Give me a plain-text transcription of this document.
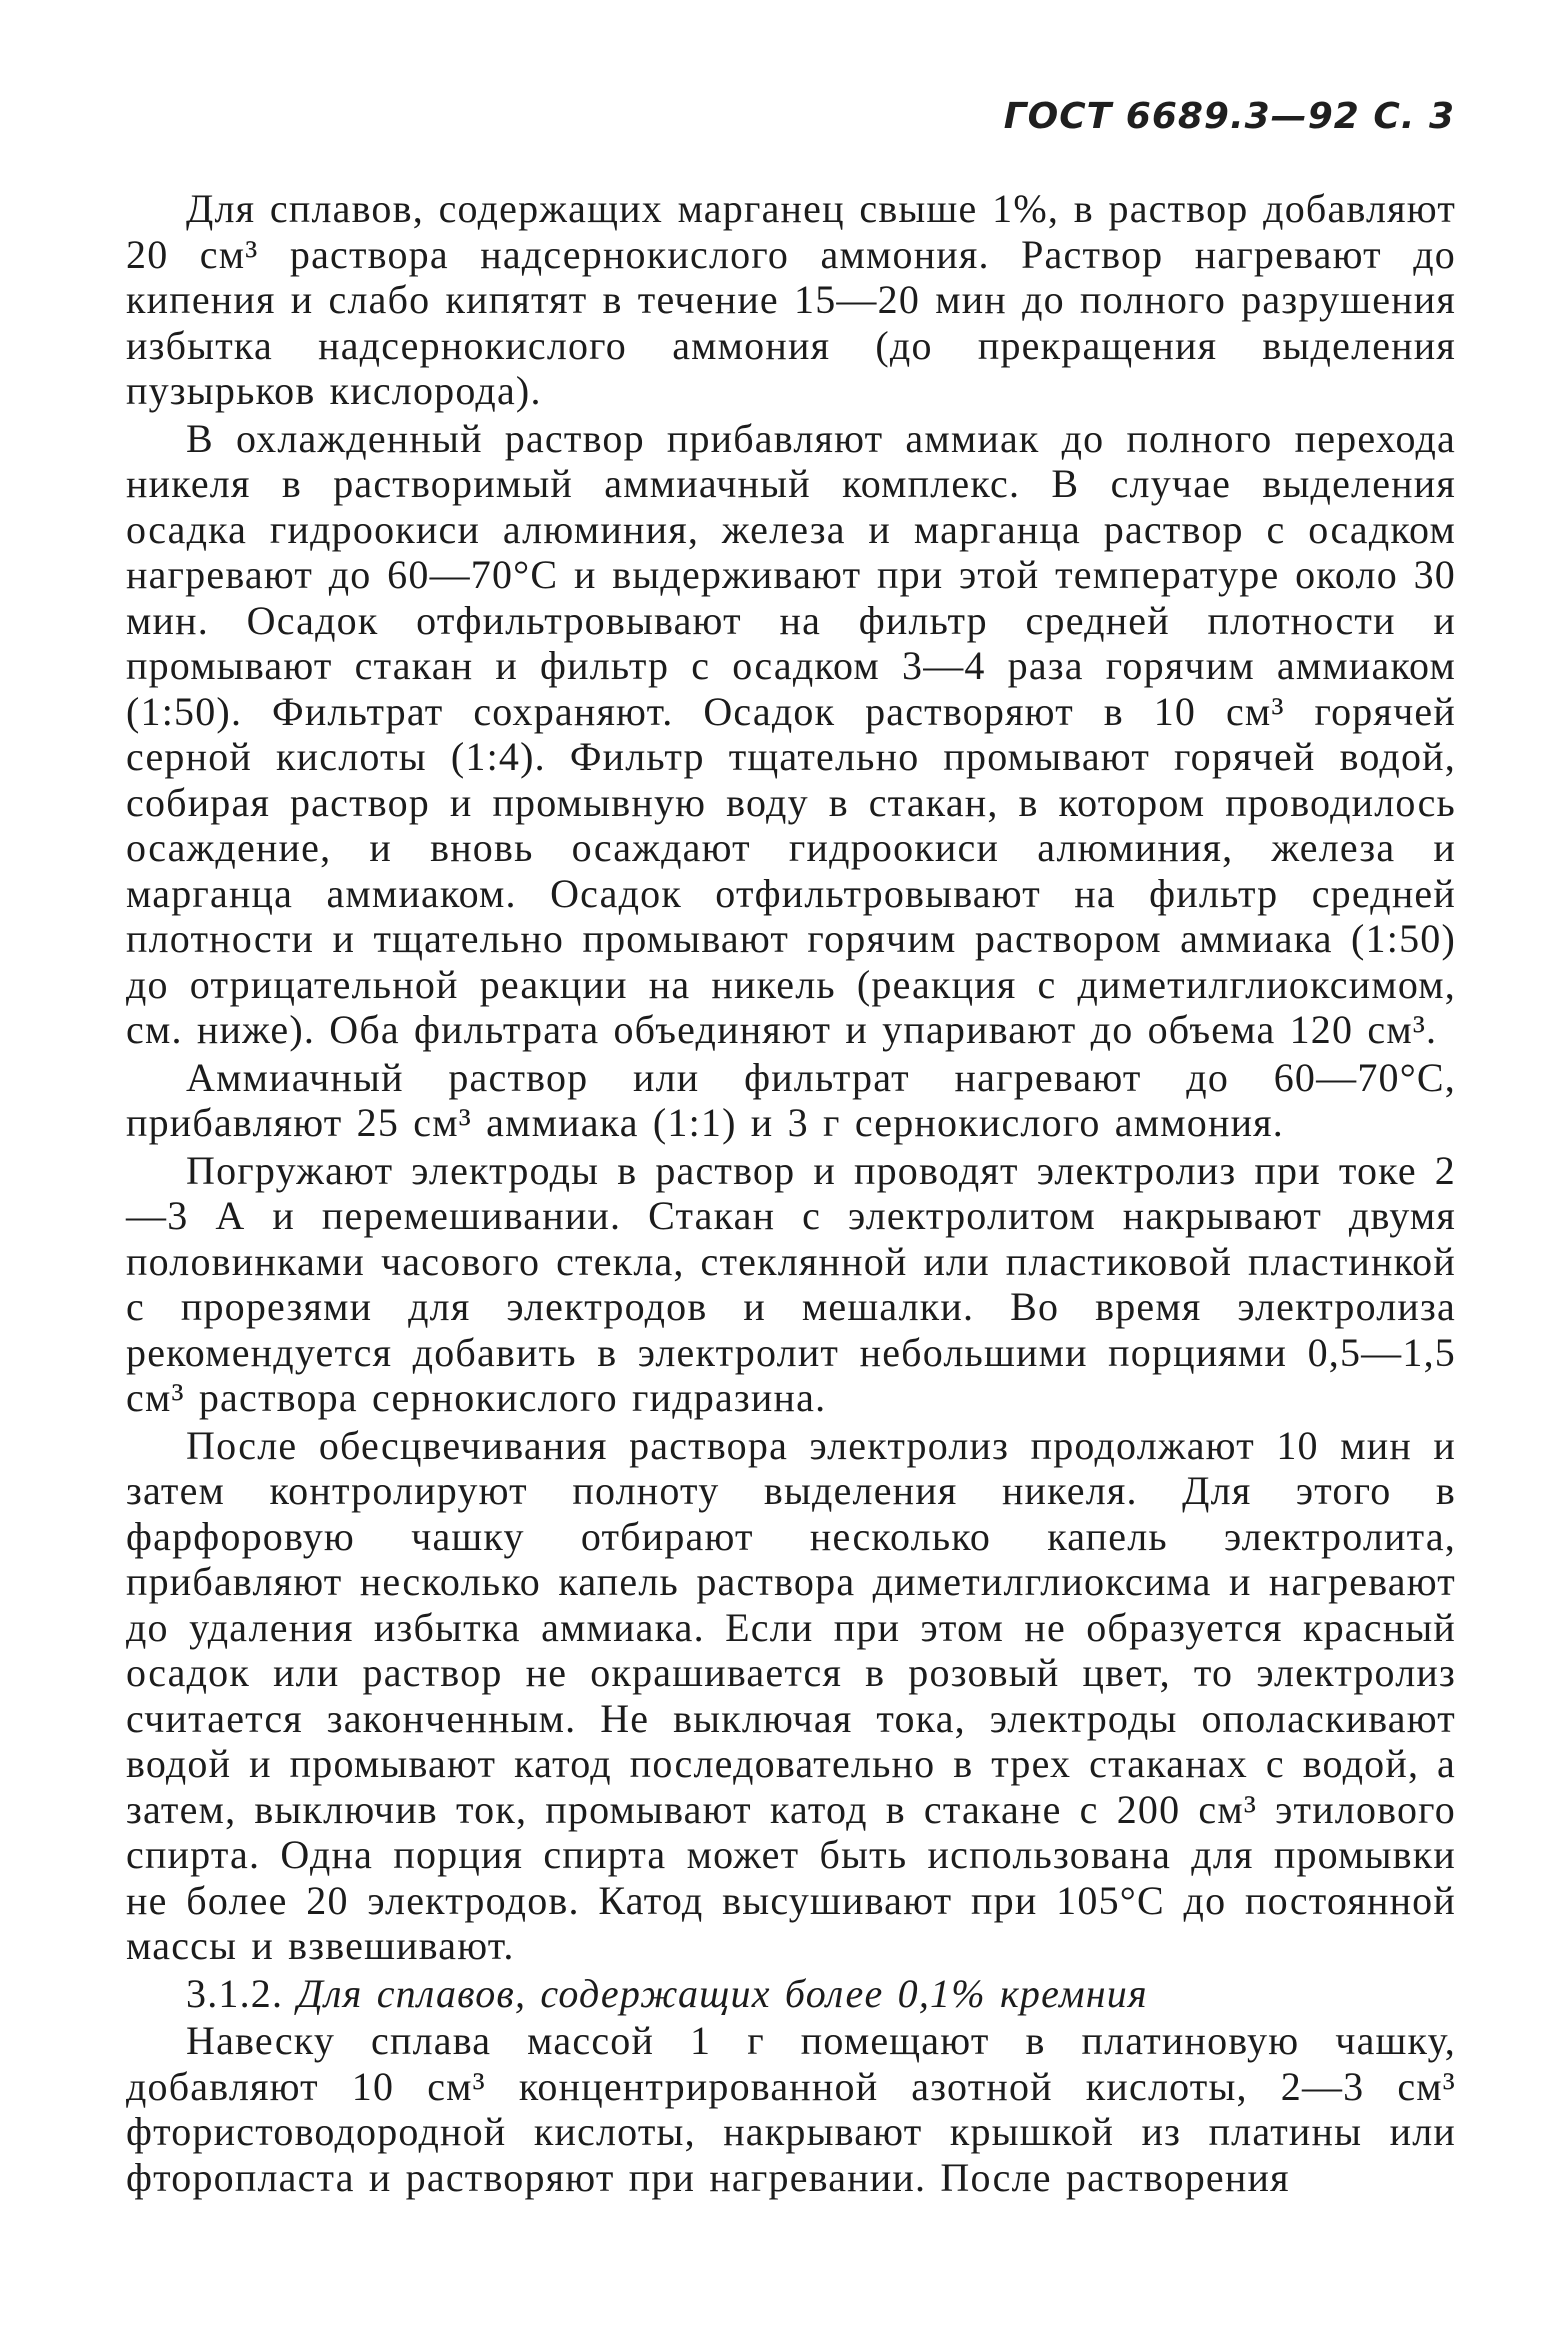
ГОСТ 6689.3—92 С. 3

Для сплавов, содержащих марганец свыше 1%, в раствор добавляют 20 см³ раствора надсернокислого аммония. Раствор нагревают до кипения и слабо кипятят в течение 15—20 мин до полного разрушения избытка надсернокислого аммония (до прекращения выделения пузырьков кислорода).

В охлажденный раствор прибавляют аммиак до полного перехода никеля в растворимый аммиачный комплекс. В случае выделения осадка гидроокиси алюминия, железа и марганца раствор с осадком нагревают до 60—70°С и выдерживают при этой температуре около 30 мин. Осадок отфильтровывают на фильтр средней плотности и промывают стакан и фильтр с осадком 3—4 раза горячим аммиаком (1:50). Фильтрат сохраняют. Осадок растворяют в 10 см³ горячей серной кислоты (1:4). Фильтр тщательно промывают горячей водой, собирая раствор и промывную воду в стакан, в котором проводилось осаждение, и вновь осаждают гидроокиси алюминия, железа и марганца аммиаком. Осадок отфильтровывают на фильтр средней плотности и тщательно промывают горячим раствором аммиака (1:50) до отрицательной реакции на никель (реакция с диметилглиоксимом, см. ниже). Оба фильтрата объединяют и упаривают до объема 120 см³.

Аммиачный раствор или фильтрат нагревают до 60—70°С, прибавляют 25 см³ аммиака (1:1) и 3 г сернокислого аммония.

Погружают электроды в раствор и проводят электролиз при токе 2—3 А и перемешивании. Стакан с электролитом накрывают двумя половинками часового стекла, стеклянной или пластиковой пластинкой с прорезями для электродов и мешалки. Во время электролиза рекомендуется добавить в электролит небольшими порциями 0,5—1,5 см³ раствора сернокислого гидразина.

После обесцвечивания раствора электролиз продолжают 10 мин и затем контролируют полноту выделения никеля. Для этого в фарфоровую чашку отбирают несколько капель электролита, прибавляют несколько капель раствора диметилглиоксима и нагревают до удаления избытка аммиака. Если при этом не образуется красный осадок или раствор не окрашивается в розовый цвет, то электролиз считается законченным. Не выключая тока, электроды ополаскивают водой и промывают катод последовательно в трех стаканах с водой, а затем, выключив ток, промывают катод в стакане с 200 см³ этилового спирта. Одна порция спирта может быть использована для промывки не более 20 электродов. Катод высушивают при 105°С до постоянной массы и взвешивают.

3.1.2. Для сплавов, содержащих более 0,1% кремния

Навеску сплава массой 1 г помещают в платиновую чашку, добавляют 10 см³ концентрированной азотной кислоты, 2—3 см³ фтористоводородной кислоты, накрывают крышкой из платины или фторопласта и растворяют при нагревании. После растворения
